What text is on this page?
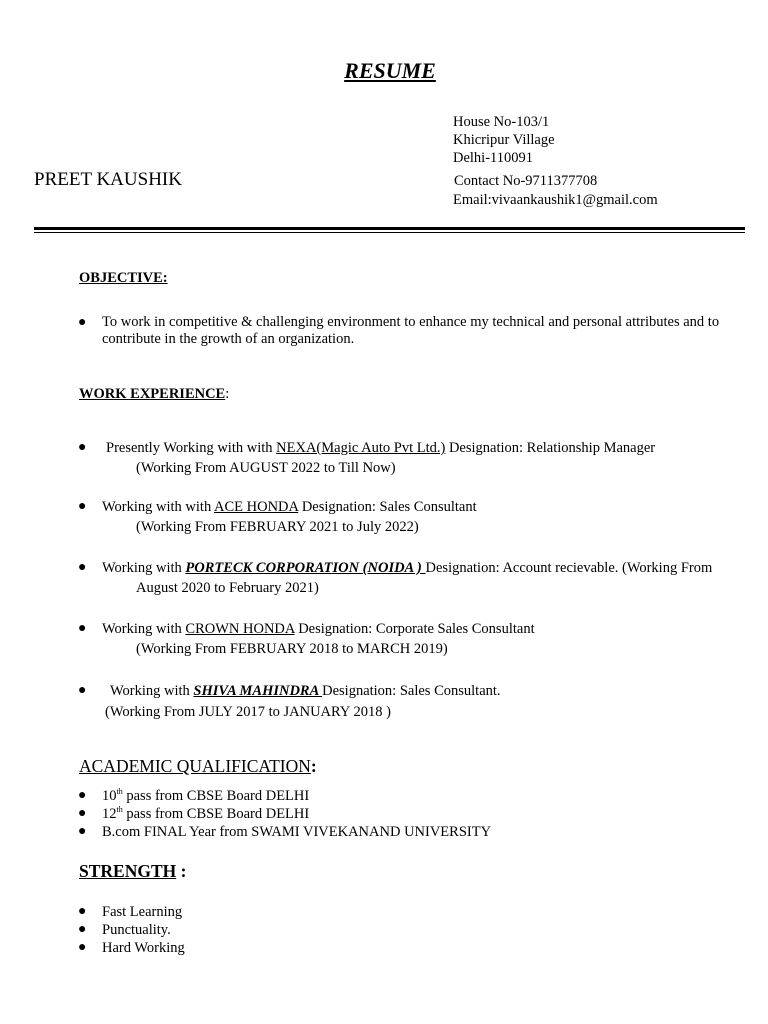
RESUME
House No-103/1
Khicripur Village
Delhi-110091
PREET KAUSHIK	Contact No-9711377708
Email:vivaankaushik1@gmail.com
OBJECTIVE:
● To work in competitive & challenging environment to enhance my technical and personal attributes and to contribute in the growth of an organization.
WORK EXPERIENCE:
● Presently Working with with NEXA(Magic Auto Pvt Ltd.) Designation: Relationship Manager
(Working From AUGUST 2022 to Till Now)
● Working with with ACE HONDA Designation: Sales Consultant
(Working From FEBRUARY 2021 to July 2022)
● Working with PORTECK CORPORATION (NOIDA ) Designation: Account recievable. (Working From
August 2020 to February 2021)
● Working with CROWN HONDA Designation: Corporate Sales Consultant
(Working From FEBRUARY 2018 to MARCH 2019)
● Working with SHIVA MAHINDRA Designation: Sales Consultant.
(Working From JULY 2017 to JANUARY 2018 )
ACADEMIC QUALIFICATION:
● 10th pass from CBSE Board DELHI
● 12th pass from CBSE Board DELHI
● B.com FINAL Year from SWAMI VIVEKANAND UNIVERSITY
STRENGTH :
● Fast Learning
● Punctuality.
● Hard Working
